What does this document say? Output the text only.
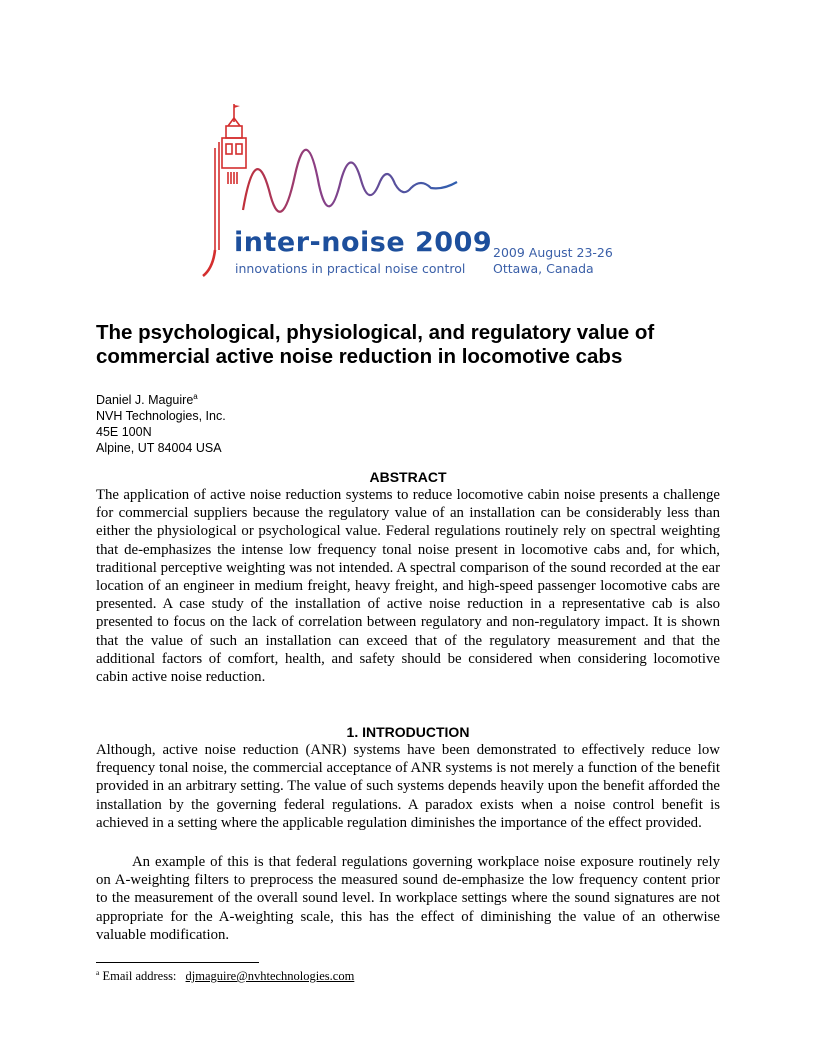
inter-noise 2009
innovations in practical noise control
2009 August 23-26
Ottawa, Canada
The psychological, physiological, and regulatory value of commercial active noise reduction in locomotive cabs
Daniel J. Maguire$^a$
NVH Technologies, Inc.
45E 100N
Alpine, UT 84004 USA
ABSTRACT

The application of active noise reduction systems to reduce locomotive cabin noise presents a challenge for commercial suppliers because the regulatory value of an installation can be considerably less than either the physiological or psychological value. Federal regulations routinely rely on spectral weighting that de-emphasizes the intense low frequency tonal noise present in locomotive cabs and, for which, traditional perceptive weighting was not intended. A spectral comparison of the sound recorded at the ear location of an engineer in medium freight, heavy freight, and high-speed passenger locomotive cabs are presented. A case study of the installation of active noise reduction in a representative cab is also presented to focus on the lack of correlation between regulatory and non-regulatory impact. It is shown that the value of such an installation can exceed that of the regulatory measurement and that the additional factors of comfort, health, and safety should be considered when considering locomotive cabin active noise reduction.

1. INTRODUCTION

Although, active noise reduction (ANR) systems have been demonstrated to effectively reduce low frequency tonal noise, the commercial acceptance of ANR systems is not merely a function of the benefit provided in an arbitrary setting. The value of such systems depends heavily upon the benefit afforded the installation by the governing federal regulations. A paradox exists when a noise control benefit is achieved in a setting where the applicable regulation diminishes the importance of the effect provided.

An example of this is that federal regulations governing workplace noise exposure routinely rely on A-weighting filters to preprocess the measured sound de-emphasize the low frequency content prior to the measurement of the overall sound level. In workplace settings where the sound signatures are not appropriate for the A-weighting scale, this has the effect of diminishing the value of an otherwise valuable modification.

$^a$ Email address: djmaguire@nvhtechnologies.com
